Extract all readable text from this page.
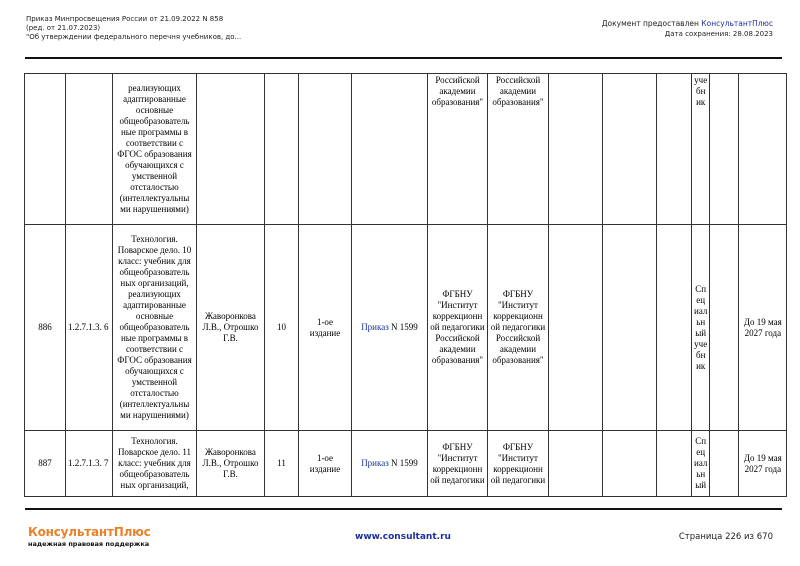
Приказ Минпросвещения России от 21.09.2022 N 858
(ред. от 21.07.2023)
"Об утверждении федерального перечня учебников, до...
Документ предоставлен КонсультантПлюс
Дата сохранения: 28.08.2023
		реализующих адаптированные основные общеобразователь ные программы в соответствии с ФГОС образования обучающихся с умственной отсталостью (интеллектуальны ми нарушениями)					Российской академии образования"	Российской академии образования"				уче бн ик		
886	1.2.7.1.3. 6	Технология. Поварское дело. 10 класс: учебник для общеобразователь ных организаций, реализующих адаптированные основные общеобразователь ные программы в соответствии с ФГОС образования обучающихся с умственной отсталостью (интеллектуальны ми нарушениями)	Жаворонкова Л.В., Отрошко Г.В.	10	1-ое издание	Приказ N 1599	ФГБНУ "Институт коррекционн ой педагогики Российской академии образования"	ФГБНУ "Институт коррекционн ой педагогики Российской академии образования"				Сп ец иал ьн ый уче бн ик		До 19 мая 2027 года
887	1.2.7.1.3. 7	Технология. Поварское дело. 11 класс: учебник для общеобразователь ных организаций,	Жаворонкова Л.В., Отрошко Г.В.	11	1-ое издание	Приказ N 1599	ФГБНУ "Институт коррекционн ой педагогики	ФГБНУ "Институт коррекционн ой педагогики				Сп ец иал ьн ый		До 19 мая 2027 года
КонсультантПлюс
надежная правовая поддержка
www.consultant.ru	Страница 226 из 670
